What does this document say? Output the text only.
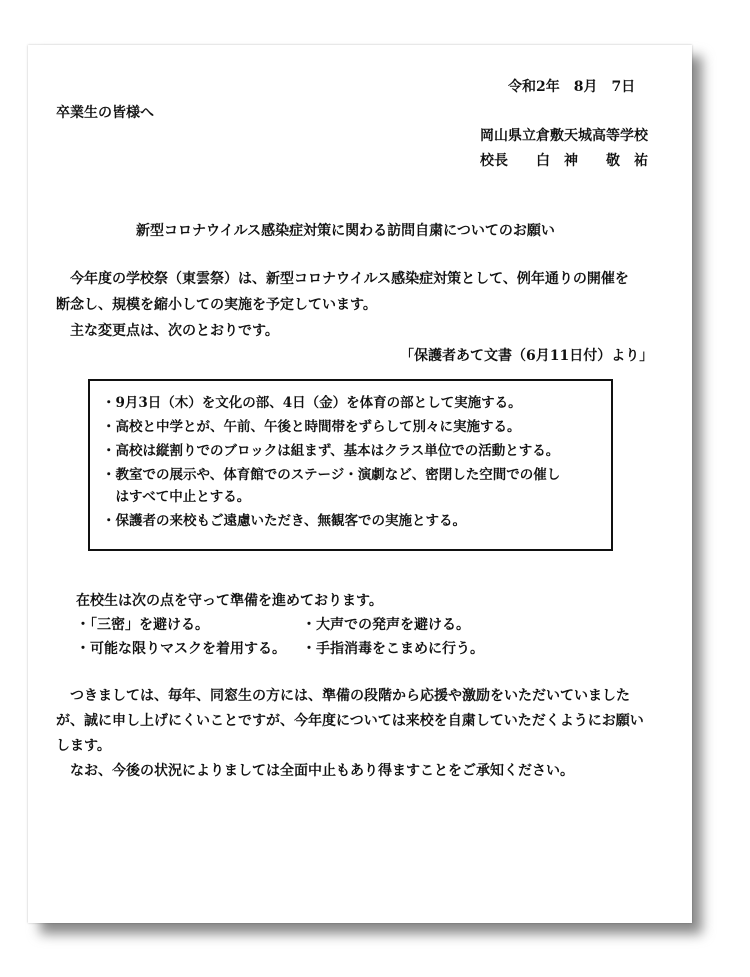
令和2年　8月　7日
卒業生の皆様へ
岡山県立倉敷天城高等学校
校長　　白　神　　敬　祐
新型コロナウイルス感染症対策に関わる訪問自粛についてのお願い
今年度の学校祭（東雲祭）は、新型コロナウイルス感染症対策として、例年通りの開催を
断念し、規模を縮小しての実施を予定しています。
主な変更点は、次のとおりです。
「保護者あて文書（6月11日付）より」
・9月3日（木）を文化の部、4日（金）を体育の部として実施する。
・高校と中学とが、午前、午後と時間帯をずらして別々に実施する。
・高校は縦割りでのブロックは組まず、基本はクラス単位での活動とする。
・教室での展示や、体育館でのステージ・演劇など、密閉した空間での催し
　はすべて中止とする。
・保護者の来校もご遠慮いただき、無観客での実施とする。
在校生は次の点を守って準備を進めております。
・「三密」を避ける。	・大声での発声を避ける。
・可能な限りマスクを着用する。 ・手指消毒をこまめに行う。
つきましては、毎年、同窓生の方には、準備の段階から応援や激励をいただいていました
が、誠に申し上げにくいことですが、今年度については来校を自粛していただくようにお願い
します。
なお、今後の状況によりましては全面中止もあり得ますことをご承知ください。
